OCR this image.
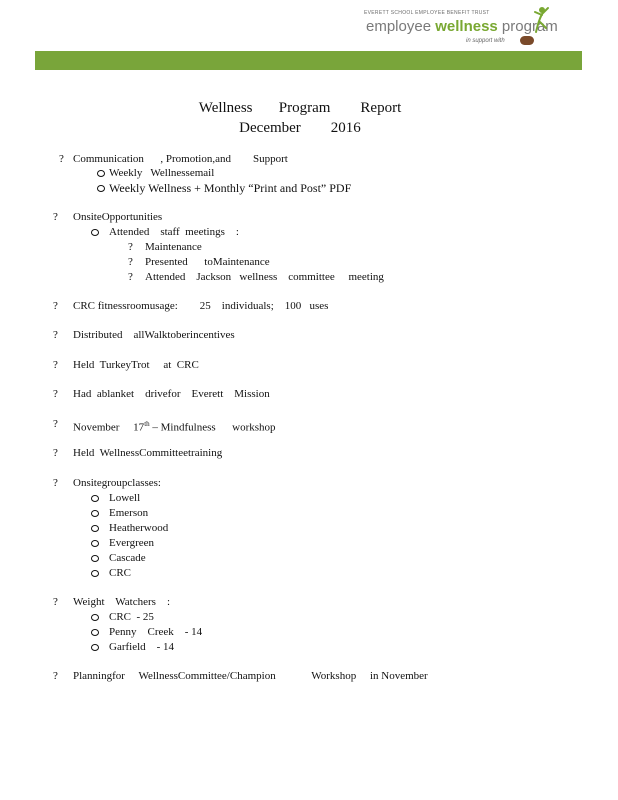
EVERETT SCHOOL EMPLOYEE BENEFIT TRUST
employee wellness program
in support with
Wellness       Program        Report
December        2016
? Communication      , Promotion,and        Support
Weekly   Wellnessemail
Weekly Wellness + Monthly “Print and Post” PDF
? OnsiteOpportunities
Attended    staff  meetings    :
? Maintenance
? Presented      toMaintenance
? Attended    Jackson   wellness    committee     meeting
? CRC fitnessroomusage:        25    individuals;    100   uses
? Distributed    allWalktoberincentives
? Held  TurkeyTrot     at  CRC
? Had  ablanket    drivefor    Everett    Mission
? November     17th – Mindfulness      workshop
? Held  WellnessCommitteetraining
? Onsitegroupclasses:
Lowell
Emerson
Heatherwood
Evergreen
Cascade
CRC
? Weight    Watchers    :
CRC  - 25
Penny    Creek    - 14
Garfield    - 14
? Planningfor     WellnessCommittee/Champion             Workshop     in November
